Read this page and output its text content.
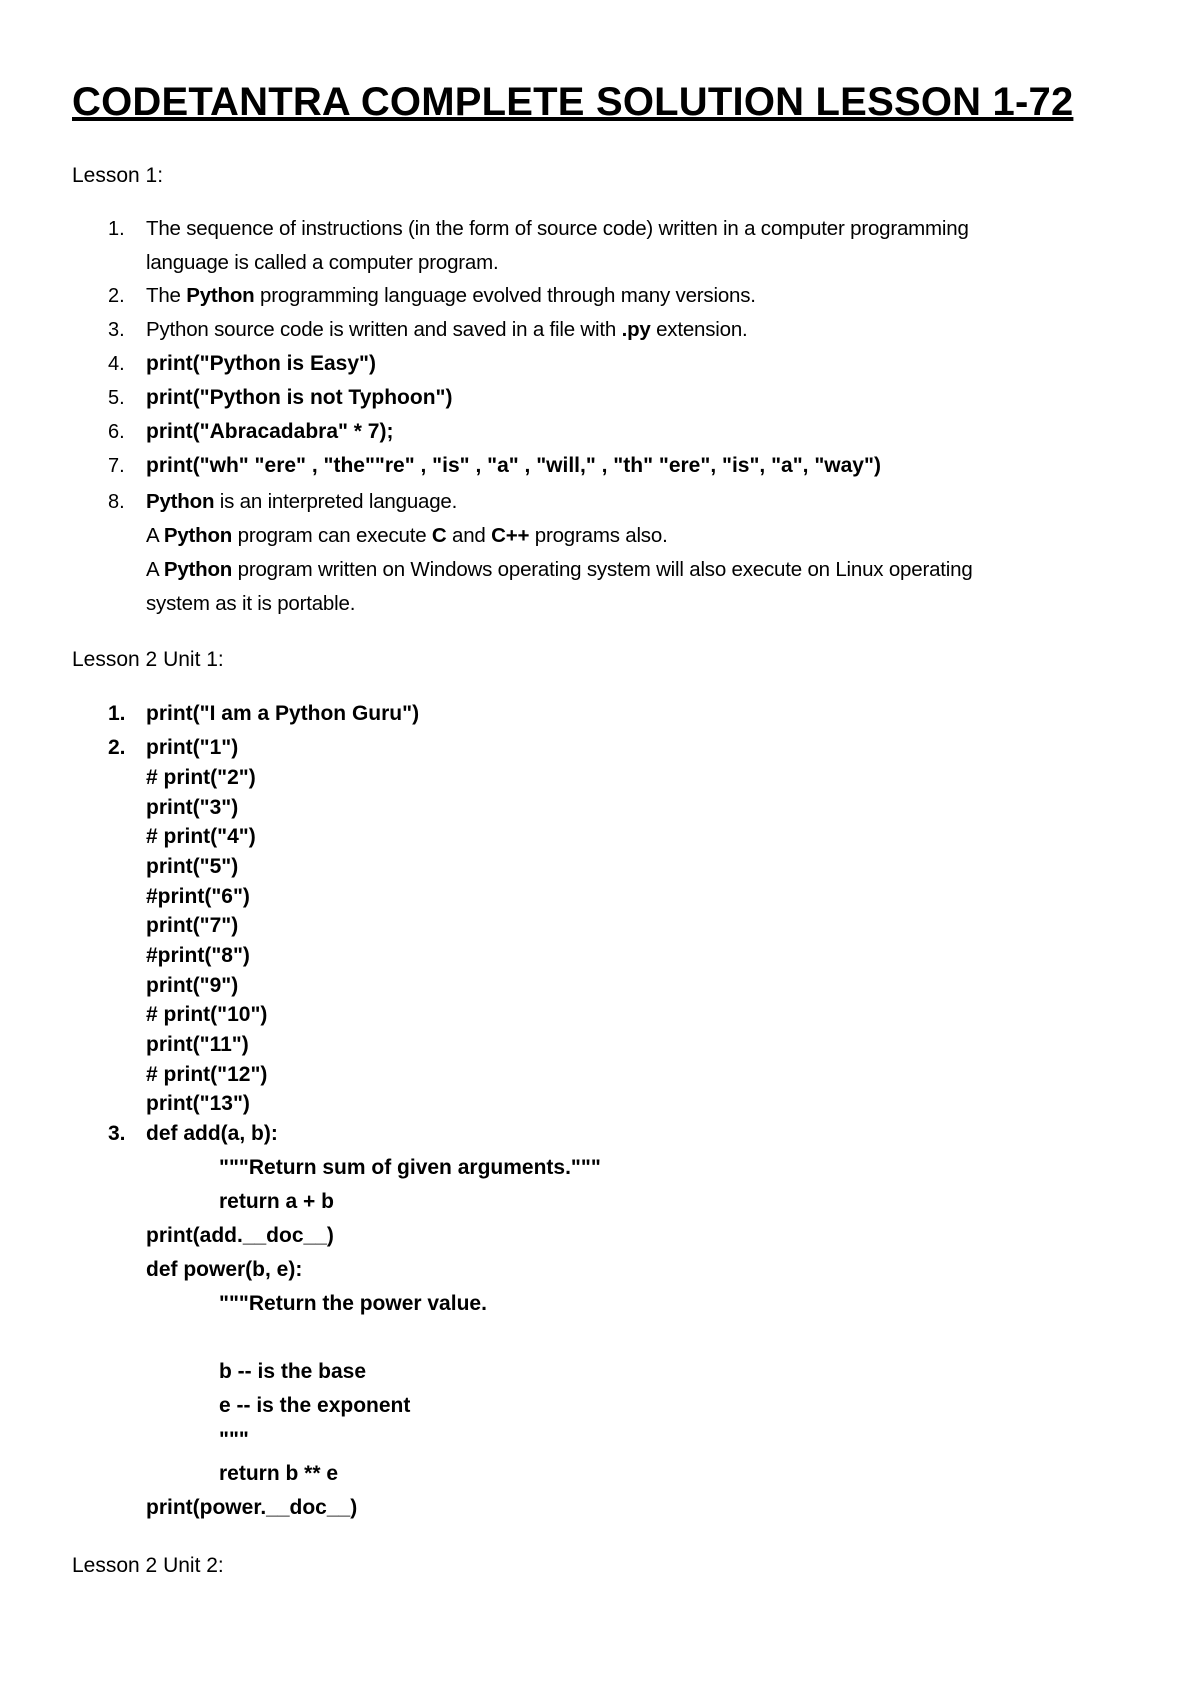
CODETANTRA COMPLETE SOLUTION LESSON 1-72
Lesson 1:
1.	The sequence of instructions (in the form of source code) written in a computer programming
language is called a computer program.
2.	The Python programming language evolved through many versions.
3.	Python source code is written and saved in a file with .py extension.
4.	print("Python is Easy")
5.	print("Python is not Typhoon")
6.	print("Abracadabra" * 7);
7.	print("wh" "ere" , "the""re" , "is" , "a" , "will," , "th" "ere", "is", "a", "way")
8.	Python is an interpreted language.
A Python program can execute C and C++ programs also.
A Python program written on Windows operating system will also execute on Linux operating
system as it is portable.
Lesson 2 Unit 1:
1. print("I am a Python Guru")
2. print("1")
# print("2")
print("3")
# print("4")
print("5")
#print("6")
print("7")
#print("8")
print("9")
# print("10")
print("11")
# print("12")
print("13")
3. def add(a, b):
"""Return sum of given arguments."""
return a + b
print(add.__doc__)
def power(b, e):
"""Return the power value.
b -- is the base
e -- is the exponent
"""
return b ** e
print(power.__doc__)
Lesson 2 Unit 2:
